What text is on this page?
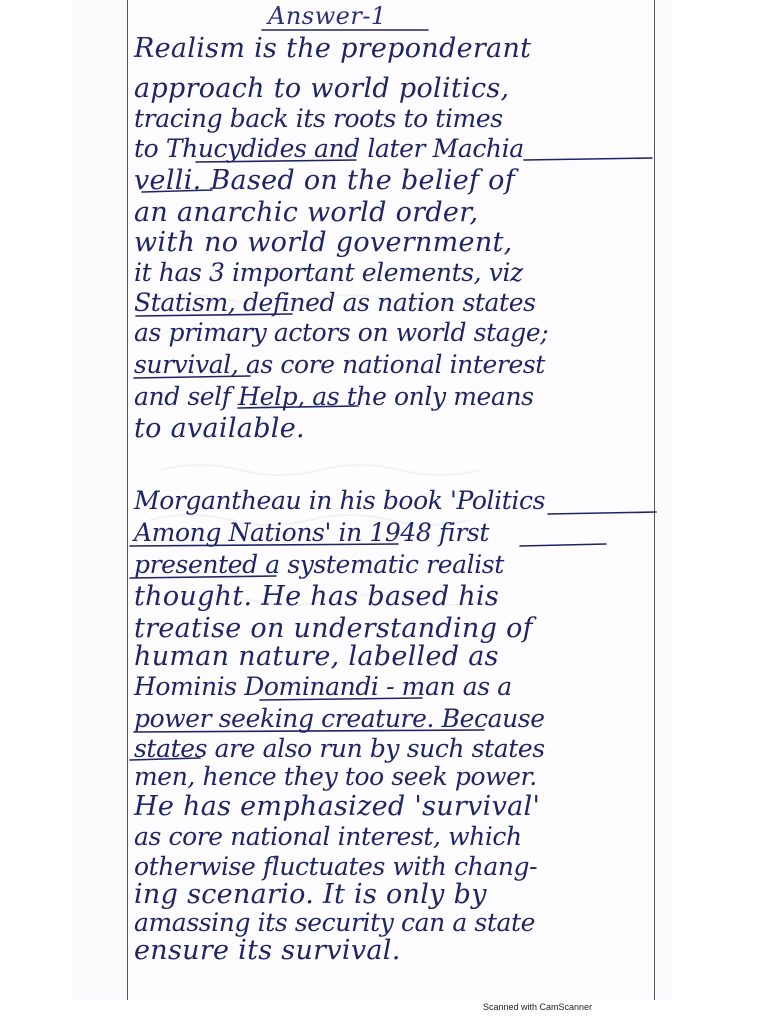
Answer-1
Realism is the preponderant
approach to world politics,
tracing back its roots to times
to Thucydides and later Machia
velli. Based on the belief of
an anarchic world order,
with no world government,
it has 3 important elements, viz
Statism, defined as nation states
as primary actors on world stage;
survival, as core national interest
and self Help, as the only means
to available.
Morgantheau in his book 'Politics
Among Nations' in 1948 first
presented a systematic realist
thought. He has based his
treatise on understanding of
human nature, labelled as
Hominis Dominandi - man as a
power seeking creature. Because
states are also run by such states
men, hence they too seek power.
He has emphasized 'survival'
as core national interest, which
otherwise fluctuates with chang-
ing scenario. It is only by
amassing its security can a state
ensure its survival.
Scanned with CamScanner
